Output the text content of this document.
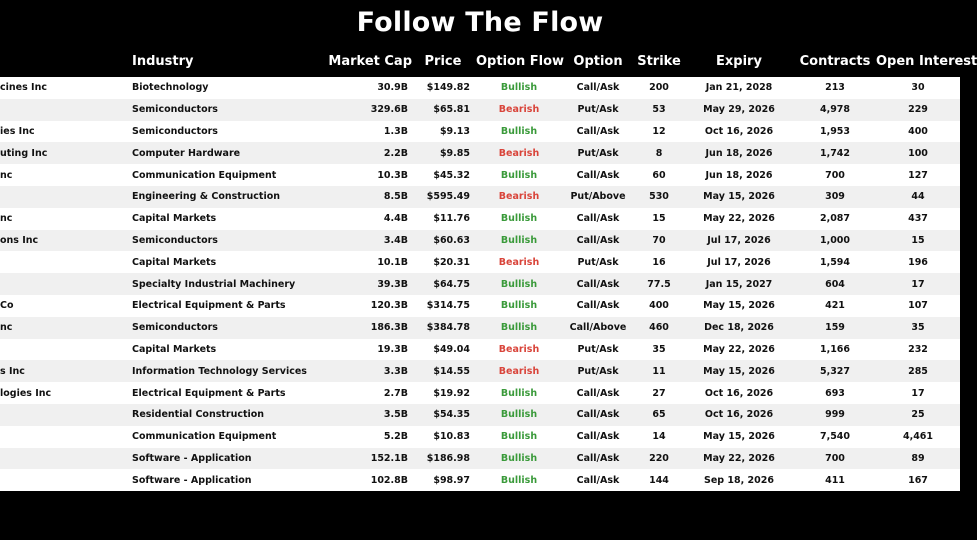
Follow The Flow
	Industry	Market Cap	Price	Option Flow	Option	Strike	Expiry	Contracts	Open Interest
cines Inc	Biotechnology	30.9B	$149.82	Bullish	Call/Ask	200	Jan 21, 2028	213	30
	Semiconductors	329.6B	$65.81	Bearish	Put/Ask	53	May 29, 2026	4,978	229
ies Inc	Semiconductors	1.3B	$9.13	Bullish	Call/Ask	12	Oct 16, 2026	1,953	400
uting Inc	Computer Hardware	2.2B	$9.85	Bearish	Put/Ask	8	Jun 18, 2026	1,742	100
nc	Communication Equipment	10.3B	$45.32	Bullish	Call/Ask	60	Jun 18, 2026	700	127
	Engineering & Construction	8.5B	$595.49	Bearish	Put/Above	530	May 15, 2026	309	44
nc	Capital Markets	4.4B	$11.76	Bullish	Call/Ask	15	May 22, 2026	2,087	437
ons Inc	Semiconductors	3.4B	$60.63	Bullish	Call/Ask	70	Jul 17, 2026	1,000	15
	Capital Markets	10.1B	$20.31	Bearish	Put/Ask	16	Jul 17, 2026	1,594	196
	Specialty Industrial Machinery	39.3B	$64.75	Bullish	Call/Ask	77.5	Jan 15, 2027	604	17
Co	Electrical Equipment & Parts	120.3B	$314.75	Bullish	Call/Ask	400	May 15, 2026	421	107
nc	Semiconductors	186.3B	$384.78	Bullish	Call/Above	460	Dec 18, 2026	159	35
	Capital Markets	19.3B	$49.04	Bearish	Put/Ask	35	May 22, 2026	1,166	232
s Inc	Information Technology Services	3.3B	$14.55	Bearish	Put/Ask	11	May 15, 2026	5,327	285
logies Inc	Electrical Equipment & Parts	2.7B	$19.92	Bullish	Call/Ask	27	Oct 16, 2026	693	17
	Residential Construction	3.5B	$54.35	Bullish	Call/Ask	65	Oct 16, 2026	999	25
	Communication Equipment	5.2B	$10.83	Bullish	Call/Ask	14	May 15, 2026	7,540	4,461
	Software - Application	152.1B	$186.98	Bullish	Call/Ask	220	May 22, 2026	700	89
	Software - Application	102.8B	$98.97	Bullish	Call/Ask	144	Sep 18, 2026	411	167
